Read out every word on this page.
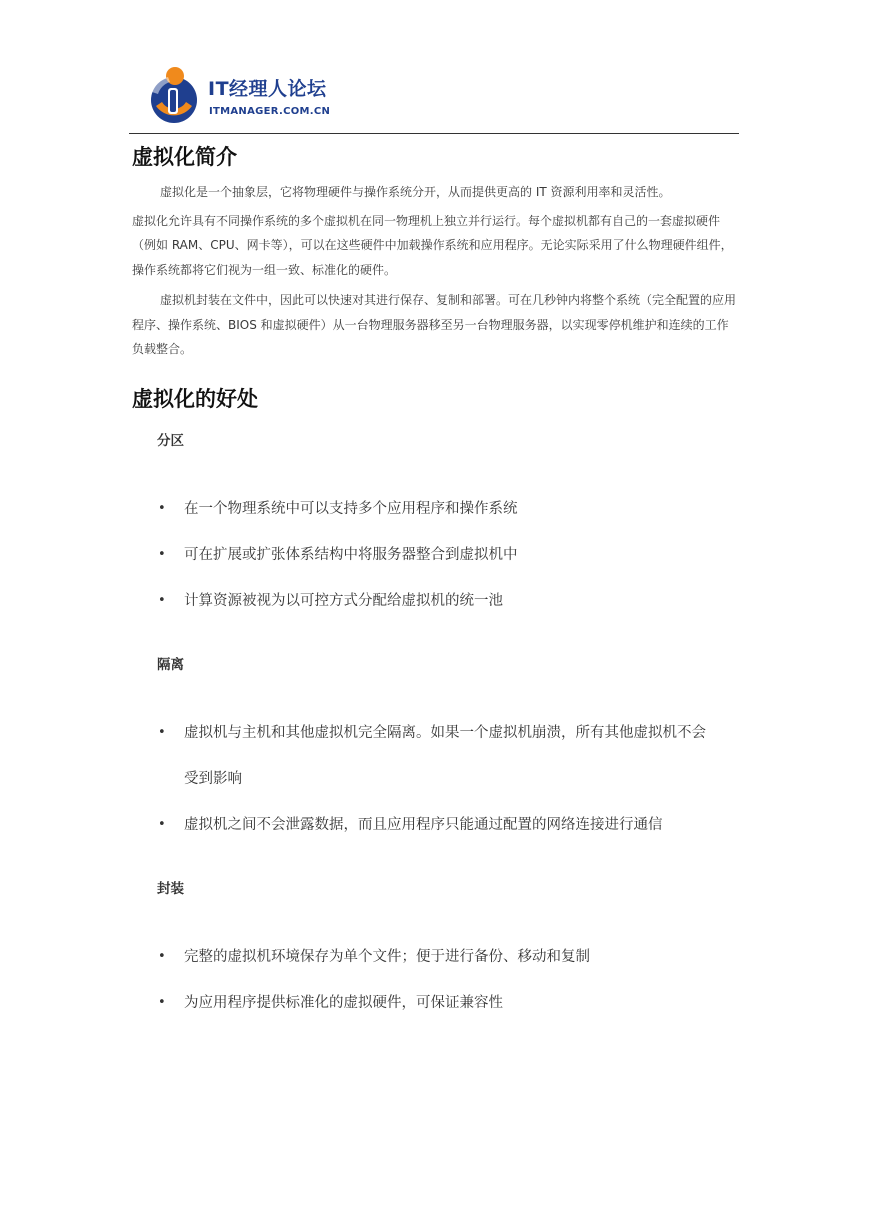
IT经理人论坛
ITMANAGER.COM.CN
虚拟化简介

虚拟化是一个抽象层，它将物理硬件与操作系统分开，从而提供更高的 IT 资源利用率和灵活性。

虚拟化允许具有不同操作系统的多个虚拟机在同一物理机上独立并行运行。每个虚拟机都有自己的一套虚拟硬件（例如 RAM、CPU、网卡等），可以在这些硬件中加载操作系统和应用程序。无论实际采用了什么物理硬件组件，操作系统都将它们视为一组一致、标准化的硬件。

虚拟机封装在文件中，因此可以快速对其进行保存、复制和部署。可在几秒钟内将整个系统（完全配置的应用程序、操作系统、BIOS 和虚拟硬件）从一台物理服务器移至另一台物理服务器，以实现零停机维护和连续的工作负载整合。

虚拟化的好处
分区
• 在一个物理系统中可以支持多个应用程序和操作系统
• 可在扩展或扩张体系结构中将服务器整合到虚拟机中
• 计算资源被视为以可控方式分配给虚拟机的统一池
隔离
• 虚拟机与主机和其他虚拟机完全隔离。如果一个虚拟机崩溃，所有其他虚拟机不会
受到影响
• 虚拟机之间不会泄露数据，而且应用程序只能通过配置的网络连接进行通信
封装
• 完整的虚拟机环境保存为单个文件；便于进行备份、移动和复制
• 为应用程序提供标准化的虚拟硬件，可保证兼容性
